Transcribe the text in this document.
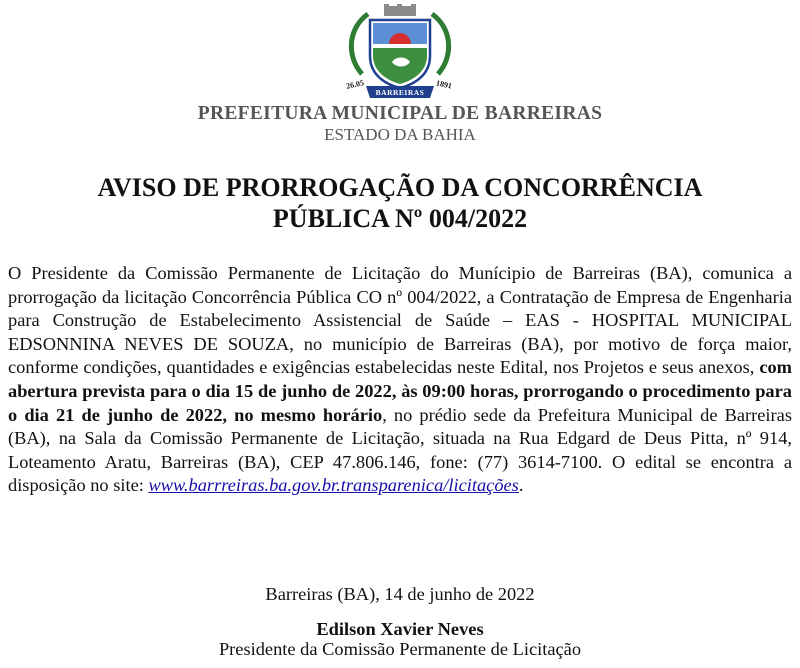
26.05	1891
BARREIRAS
PREFEITURA MUNICIPAL DE BARREIRAS
ESTADO DA BAHIA
AVISO DE PRORROGAÇÃO DA CONCORRÊNCIA
PÚBLICA Nº 004/2022
O Presidente da Comissão Permanente de Licitação do Munícipio de Barreiras (BA), comunica a prorrogação da licitação Concorrência Pública CO nº 004/2022, a Contratação de Empresa de Engenharia para Construção de Estabelecimento Assistencial de Saúde – EAS - HOSPITAL MUNICIPAL EDSONNINA NEVES DE SOUZA, no município de Barreiras (BA), por motivo de força maior, conforme condições, quantidades e exigências estabelecidas neste Edital, nos Projetos e seus anexos, com abertura prevista para o dia 15 de junho de 2022, às 09:00 horas, prorrogando o procedimento para o dia 21 de junho de 2022, no mesmo horário, no prédio sede da Prefeitura Municipal de Barreiras (BA), na Sala da Comissão Permanente de Licitação, situada na Rua Edgard de Deus Pitta, nº 914, Loteamento Aratu, Barreiras (BA), CEP 47.806.146, fone: (77) 3614-7100. O edital se encontra a disposição no site: www.barrreiras.ba.gov.br.transparenica/licitações.
Barreiras (BA), 14 de junho de 2022
Edilson Xavier Neves
Presidente da Comissão Permanente de Licitação
